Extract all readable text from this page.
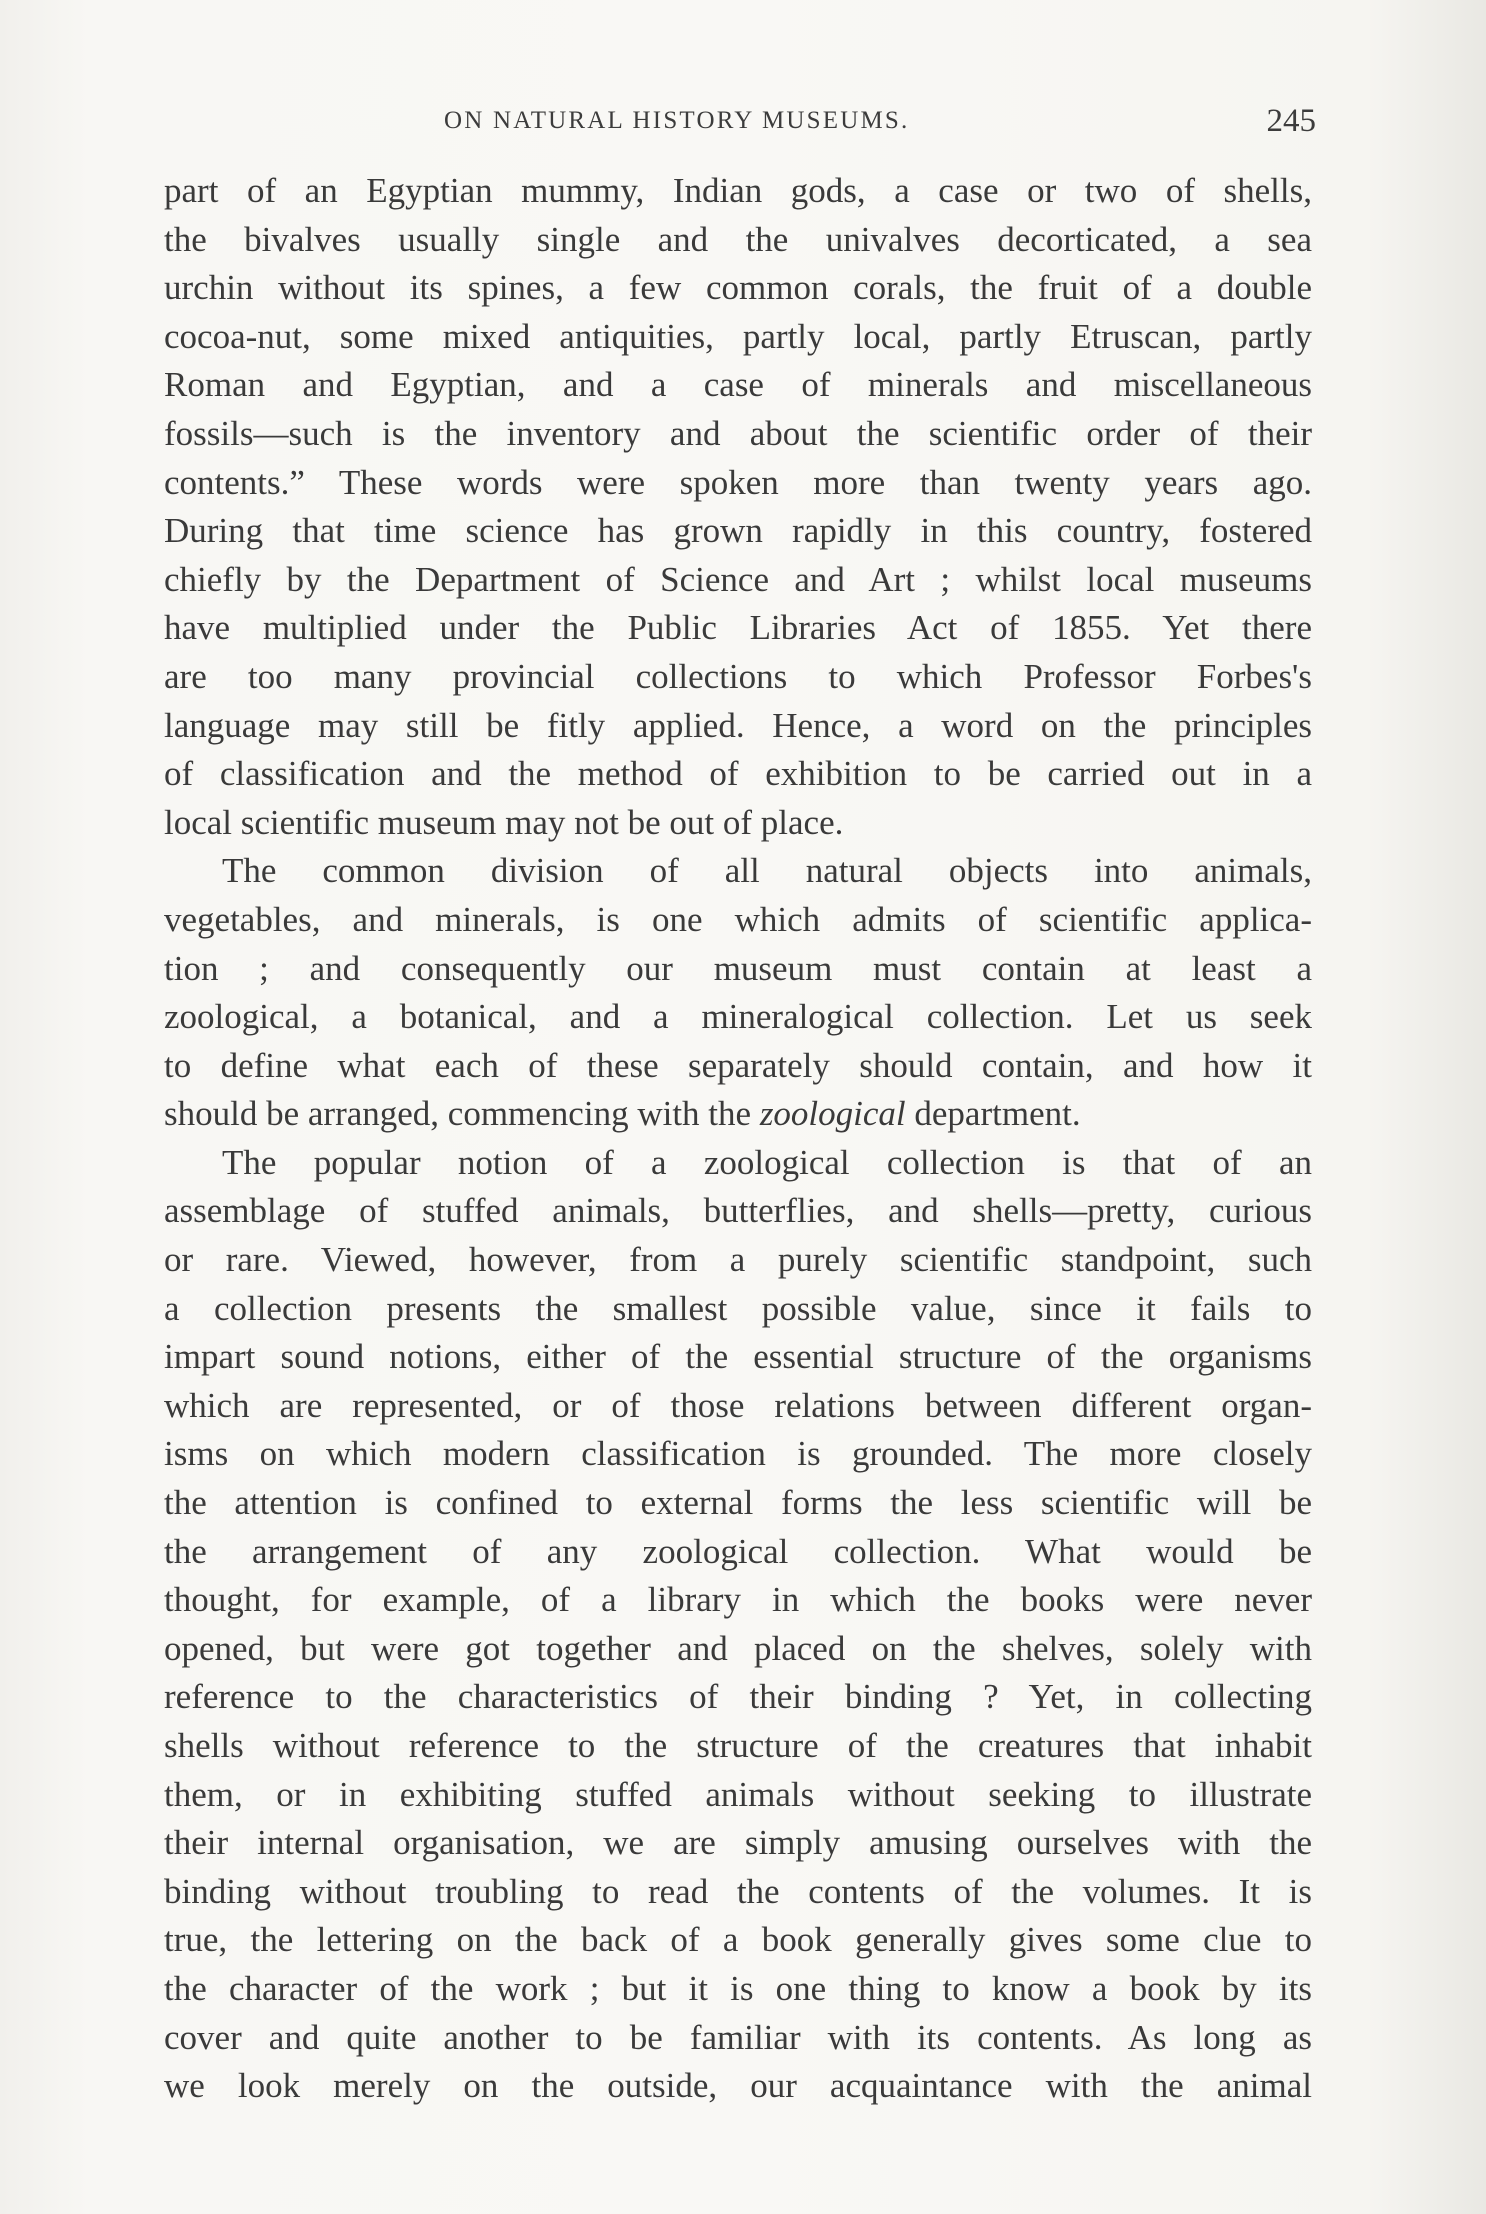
ON NATURAL HISTORY MUSEUMS.	245
part of an Egyptian mummy, Indian gods, a case or two of shells,
the bivalves usually single and the univalves decorticated, a sea
urchin without its spines, a few common corals, the fruit of a double
cocoa-nut, some mixed antiquities, partly local, partly Etruscan, partly
Roman and Egyptian, and a case of minerals and miscellaneous
fossils—such is the inventory and about the scientific order of their
contents.” These words were spoken more than twenty years ago.
During that time science has grown rapidly in this country, fostered
chiefly by the Department of Science and Art ; whilst local museums
have multiplied under the Public Libraries Act of 1855. Yet there
are too many provincial collections to which Professor Forbes's
language may still be fitly applied. Hence, a word on the principles
of classification and the method of exhibition to be carried out in a
local scientific museum may not be out of place.
The common division of all natural objects into animals,
vegetables, and minerals, is one which admits of scientific applica-
tion ; and consequently our museum must contain at least a
zoological, a botanical, and a mineralogical collection. Let us seek
to define what each of these separately should contain, and how it
should be arranged, commencing with the zoological department.
The popular notion of a zoological collection is that of an
assemblage of stuffed animals, butterflies, and shells—pretty, curious
or rare. Viewed, however, from a purely scientific standpoint, such
a collection presents the smallest possible value, since it fails to
impart sound notions, either of the essential structure of the organisms
which are represented, or of those relations between different organ-
isms on which modern classification is grounded. The more closely
the attention is confined to external forms the less scientific will be
the arrangement of any zoological collection. What would be
thought, for example, of a library in which the books were never
opened, but were got together and placed on the shelves, solely with
reference to the characteristics of their binding ? Yet, in collecting
shells without reference to the structure of the creatures that inhabit
them, or in exhibiting stuffed animals without seeking to illustrate
their internal organisation, we are simply amusing ourselves with the
binding without troubling to read the contents of the volumes. It is
true, the lettering on the back of a book generally gives some clue to
the character of the work ; but it is one thing to know a book by its
cover and quite another to be familiar with its contents. As long as
we look merely on the outside, our acquaintance with the animal
